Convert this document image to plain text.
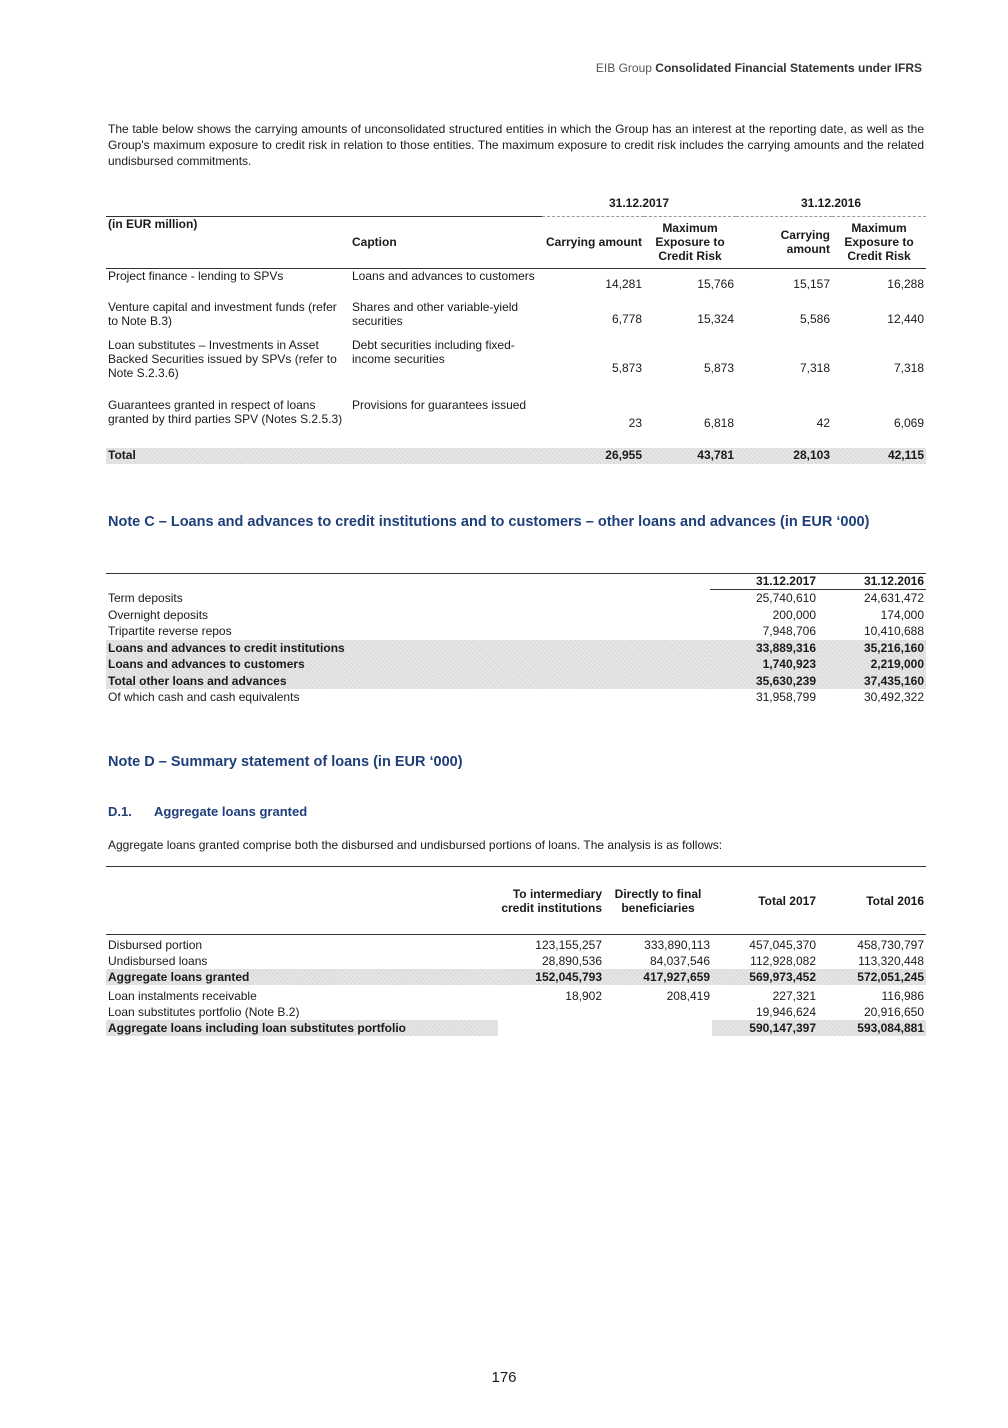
EIB Group Consolidated Financial Statements under IFRS
The table below shows the carrying amounts of unconsolidated structured entities in which the Group has an interest at the reporting date, as well as the Group's maximum exposure to credit risk in relation to those entities. The maximum exposure to credit risk includes the carrying amounts and the related undisbursed commitments.
		31.12.2017		31.12.2016	
(in EUR million)	Caption	Carrying amount	Maximum Exposure to Credit Risk	Carrying amount	Maximum Exposure to Credit Risk
Project finance - lending to SPVs	Loans and advances to customers	14,281	15,766	15,157	16,288
Venture capital and investment funds (refer to Note B.3)	Shares and other variable-yield securities	6,778	15,324	5,586	12,440
Loan substitutes – Investments in Asset Backed Securities issued by SPVs (refer to Note S.2.3.6)	Debt securities including fixed-income securities	5,873	5,873	7,318	7,318
Guarantees granted in respect of loans granted by third parties SPV (Notes S.2.5.3)	Provisions for guarantees issued	23	6,818	42	6,069
Total		26,955	43,781	28,103	42,115
Note C – Loans and advances to credit institutions and to customers – other loans and advances (in EUR ‘000)
	31.12.2017	31.12.2016
Term deposits	25,740,610	24,631,472
Overnight deposits	200,000	174,000
Tripartite reverse repos	7,948,706	10,410,688
Loans and advances to credit institutions	33,889,316	35,216,160
Loans and advances to customers	1,740,923	2,219,000
Total other loans and advances	35,630,239	37,435,160
Of which cash and cash equivalents	31,958,799	30,492,322
Note D – Summary statement of loans (in EUR ‘000)
D.1. Aggregate loans granted
Aggregate loans granted comprise both the disbursed and undisbursed portions of loans. The analysis is as follows:
	To intermediary credit institutions	Directly to final beneficiaries	Total 2017	Total 2016

Disbursed portion	123,155,257	333,890,113	457,045,370	458,730,797
Undisbursed loans	28,890,536	84,037,546	112,928,082	113,320,448
Aggregate loans granted	152,045,793	417,927,659	569,973,452	572,051,245
Loan instalments receivable	18,902	208,419	227,321	116,986
Loan substitutes portfolio (Note B.2)			19,946,624	20,916,650
Aggregate loans including loan substitutes portfolio			590,147,397	593,084,881
176
